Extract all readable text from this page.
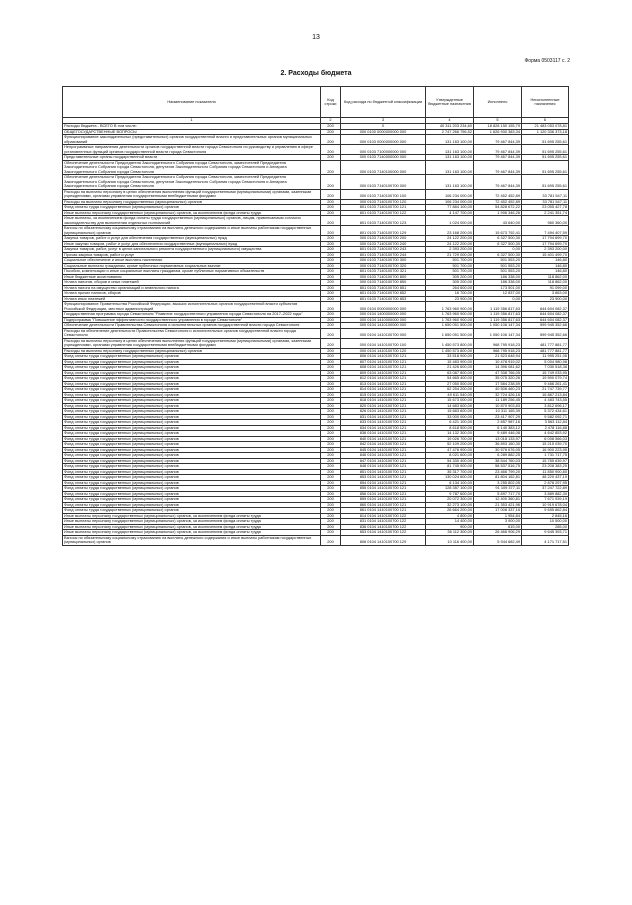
13
Форма 0503117 с. 2
2. Расходы бюджета
Наименование показателя	Код строки	Код расхода по бюджетной классификации	Утвержденные бюджетные назначения	Исполнено	Неисполненные назначения
1	2	3	4	5	6
Расходы бюджета - ВСЕГО В том числе:	200	X	40 311 203 234,60	18 828 150 155,79	21 483 053 078,81
ОБЩЕГОСУДАРСТВЕННЫЕ ВОПРОСЫ	200	000 0100 0000000000 000	2 747 266 756,52	1 626 930 383,34	1 120 336 373,18
Функционирование законодательных (представительных) органов государственной власти и представительных органов муниципальных образований	200	000 0103 0000000000 000	131 163 100,00	79 467 844,39	51 695 255,61
Непрограммные направления деятельности органов государственной власти города Севастополя по руководству и управлению в сфере установленных функций органов государственной власти города Севастополя	200	000 0103 7100000000 000	131 163 100,00	79 467 844,39	51 695 255,61
Представительные органы государственной власти	200	000 0103 7140000000 000	131 163 100,00	79 467 844,39	51 695 255,61
Обеспечение деятельности Председателя Законодательного Собрания города Севастополя, заместителей Председателя Законодательного Собрания города Севастополя, депутатов Законодательного Собрания города Севастополя и Аппарата Законодательного Собрания города Севастополя	200	000 0103 7140100000 000	131 163 100,00	79 467 844,39	51 695 255,61
Обеспечение деятельности Председателя Законодательного Собрания города Севастополя, заместителей Председателя Законодательного Собрания города Севастополя, депутатов Законодательного Собрания города Севастополя и Аппарата Законодательного Собрания города Севастополя	200	000 0103 7140100700 000	131 163 100,00	79 467 844,39	51 695 255,61
Расходы на выплаты персоналу в целях обеспечения выполнения функций государственными (муниципальными) органами, казенными учреждениями, органами управления государственными внебюджетными фондами	200	000 0103 7140100700 100	106 234 000,00	72 452 452,89	33 781 547,11
Расходы на выплаты персоналу государственных (муниципальных) органов	200	000 0103 7140100700 120	106 234 000,00	72 452 452,89	33 781 547,11
Фонд оплаты труда государственных (муниципальных) органов	200	801 0103 7140100700 121	77 884 100,00	54 828 672,22	23 055 427,78
Иные выплаты персоналу государственных (муниципальных) органов, за исключением фонда оплаты труда	200	801 0103 7140100700 122	4 147 700,00	1 906 346,26	2 241 351,74
Иные выплаты, за исключением фонда оплаты труда государственных (муниципальных) органов, лицам, привлекаемым согласно законодательству для выполнения отдельных полномочий	200	801 0103 7140100700 123	1 024 000,00	43 640,00	980 360,00
Взносы по обязательному социальному страхованию на выплаты денежного содержания и иные выплаты работникам государственных (муниципальных) органов	200	801 0103 7140100700 129	23 168 200,00	15 673 792,41	7 494 407,59
Закупка товаров, работ и услуг для обеспечения государственных (муниципальных) нужд	200	000 0103 7140100700 200	24 122 200,00	6 327 500,30	17 794 699,70
Иные закупки товаров, работ и услуг для обеспечения государственных (муниципальных) нужд	200	000 0103 7140100700 240	24 122 200,00	6 327 500,30	17 794 699,70
Закупка товаров, работ, услуг в целях капитального ремонта государственного (муниципального) имущества	200	801 0103 7140100700 243	2 393 200,00	0,00	2 393 200,00
Прочая закупка товаров, работ и услуг	200	801 0103 7140100700 244	21 729 000,00	6 327 500,30	15 401 499,70
Социальное обеспечение и иные выплаты населению	200	000 0103 7140100700 300	501 700,00	501 553,20	146,80
Социальные выплаты гражданам, кроме публичных нормативных социальных выплат	200	000 0103 7140100700 320	501 700,00	501 553,20	146,80
Пособия, компенсации и иные социальные выплаты гражданам, кроме публичных нормативных обязательств	200	801 0103 7140100700 321	501 700,00	501 553,20	146,80
Иные бюджетные ассигнования	200	000 0103 7140100700 800	305 200,00	186 338,00	118 862,00
Уплата налогов, сборов и иных платежей	200	000 0103 7140100700 850	305 200,00	186 338,00	118 862,00
Уплата налога на имущество организаций и земельного налога	200	801 0103 7140100700 851	264 600,00	173 501,00	91 099,00
Уплата прочих налогов, сборов	200	801 0103 7140100700 852	16 700,00	12 837,00	3 863,00
Уплата иных платежей	200	801 0103 7140100700 853	23 900,00	0,00	23 900,00
Функционирование Правительства Российской Федерации, высших исполнительных органов государственной власти субъектов Российской Федерации, местных администраций	200	000 0104 0000000000 000	1 763 960 900,00	1 119 356 817,63	644 604 082,37
Государственная программа города Севастополя "Развитие государственного управления города Севастополя на 2017–2022 годы"	200	000 0104 1400000000 000	1 763 960 900,00	1 119 356 817,63	644 604 082,37
Подпрограмма "Повышение эффективности государственного управления в городе Севастополе"	200	000 0104 1410000000 000	1 763 960 900,00	1 119 356 817,63	644 604 082,37
Обеспечение деятельности Правительства Севастополя и исполнительных органов государственной власти города Севастополя	200	000 0104 1410100000 000	1 650 051 500,00	1 050 106 147,34	599 945 352,66
Расходы на обеспечение деятельности Правительства Севастополя и исполнительных органов государственной власти города Севастополя	200	000 0104 1410100700 000	1 650 051 500,00	1 050 106 147,34	599 945 352,66
Расходы на выплаты персоналу в целях обеспечения выполнения функций государственными (муниципальными) органами, казенными учреждениями, органами управления государственными внебюджетными фондами	200	000 0104 1410100700 100	1 450 573 800,00	968 795 918,23	481 777 881,77
Расходы на выплаты персоналу государственных (муниципальных) органов	200	000 0104 1410100700 120	1 450 573 800,00	968 795 918,23	481 777 881,77
Фонд оплаты труда государственных (муниципальных) органов	200	806 0104 1410100700 121	33 518 900,00	21 523 648,94	11 995 251,06
Фонд оплаты труда государственных (муниципальных) органов	200	807 0104 1410100700 121	15 483 900,00	10 478 919,02	5 004 980,98
Фонд оплаты труда государственных (муниципальных) органов	200	808 0104 1410100700 121	21 426 600,00	14 396 081,62	7 030 518,38
Фонд оплаты труда государственных (муниципальных) органов	200	809 0104 1410100700 121	63 087 800,00	47 338 766,05	15 749 033,95
Фонд оплаты труда государственных (муниципальных) органов	200	812 0104 1410100700 121	54 665 400,00	35 075 320,26	19 590 079,74
Фонд оплаты труда государственных (муниципальных) органов	200	813 0104 1410100700 121	27 050 500,00	17 584 238,59	9 466 261,41
Фонд оплаты труда государственных (муниципальных) органов	200	814 0104 1410100700 121	62 254 200,00	40 506 460,23	21 747 739,77
Фонд оплаты труда государственных (муниципальных) органов	200	815 0104 1410100700 121	49 611 540,00	32 724 426,16	16 887 213,84
Фонд оплаты труда государственных (муниципальных) органов	200	818 0104 1410100700 121	15 673 000,00	11 189 256,45	4 483 743,55
Фонд оплаты труда государственных (муниципальных) органов	200	820 0104 1410100700 121	14 683 600,00	10 870 903,83	3 812 696,17
Фонд оплаты труда государственных (муниципальных) органов	200	826 0104 1410100700 121	15 683 600,00	10 311 165,39	5 372 434,61
Фонд оплаты труда государственных (муниципальных) органов	200	831 0104 1410100700 121	33 000 000,00	23 417 907,29	9 582 092,71
Фонд оплаты труда государственных (муниципальных) органов	200	833 0104 1410100700 121	6 421 100,00	2 857 987,16	3 563 112,84
Фонд оплаты труда государственных (муниципальных) органов	200	834 0104 1410100700 121	8 618 500,00	6 140 383,12	2 478 116,88
Фонд оплаты труда государственных (муниципальных) органов	200	836 0104 1410100700 121	14 132 300,00	9 489 446,08	4 642 853,92
Фонд оплаты труда государственных (муниципальных) органов	200	840 0104 1410100700 121	19 026 700,00	13 018 133,97	6 008 566,03
Фонд оплаты труда государственных (муниципальных) органов	200	842 0104 1410100700 121	52 109 200,00	36 893 160,30	15 215 039,70
Фонд оплаты труда государственных (муниципальных) органов	200	845 0104 1410100700 121	47 476 900,00	30 576 676,05	16 900 223,95
Фонд оплаты труда государственных (муниципальных) органов	200	846 0104 1410100700 121	8 021 600,00	6 289 882,25	1 731 717,75
Фонд оплаты труда государственных (муниципальных) органов	200	847 0104 1410100700 121	54 330 400,00	38 544 760,03	15 785 639,97
Фонд оплаты труда государственных (муниципальных) органов	200	848 0104 1410100700 121	81 745 900,00	58 537 516,75	23 208 383,25
Фонд оплаты труда государственных (муниципальных) органов	200	851 0104 1410100700 121	35 317 700,00	23 466 799,20	11 850 900,80
Фонд оплаты труда государственных (муниципальных) органов	200	853 0104 1410100700 121	130 024 600,00	81 804 162,81	48 220 437,19
Фонд оплаты труда государственных (муниципальных) органов	200	854 0104 1410100700 121	6 134 100,00	3 255 802,05	2 878 297,95
Фонд оплаты труда государственных (муниципальных) органов	200	855 0104 1410100700 121	128 357 100,00	91 109 377,11	37 247 722,89
Фонд оплаты труда государственных (муниципальных) органов	200	856 0104 1410100700 121	9 787 600,00	5 897 717,70	3 889 882,30
Фонд оплаты труда государственных (муниципальных) органов	200	859 0104 1410100700 121	20 072 300,00	12 400 360,81	7 671 939,19
Фонд оплаты труда государственных (муниципальных) органов	200	860 0104 1410100700 121	32 273 100,00	21 353 421,96	10 919 678,04
Фонд оплаты труда государственных (муниципальных) органов	200	861 0104 1410100700 121	26 664 200,00	17 008 337,16	9 655 862,84
Иные выплаты персоналу государственных (муниципальных) органов, за исключением фонда оплаты труда	200	814 0104 1410100700 122	4 800,00	1 954,84	2 845,16
Иные выплаты персоналу государственных (муниципальных) органов, за исключением фонда оплаты труда	200	831 0104 1410100700 122	14 400,00	3 900,00	10 500,00
Иные выплаты персоналу государственных (муниципальных) органов, за исключением фонда оплаты труда	200	836 0104 1410100700 122	900,00	615,00	285,00
Иные выплаты персоналу государственных (муниципальных) органов, за исключением фонда оплаты труда	200	853 0104 1410100700 122	36 112 300,00	26 466 906,29	9 645 393,71
Взносы по обязательному социальному страхованию на выплаты денежного содержания и иные выплаты работникам государственных (муниципальных) органов	200	806 0104 1410100700 129	10 116 400,00	5 944 682,49	4 171 717,51
